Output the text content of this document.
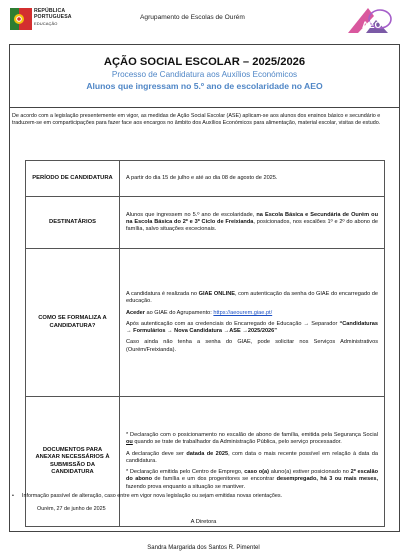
REPÚBLICA
PORTUGUESA
EDUCAÇÃO
Agrupamento de Escolas de Ourém
AEO
AÇÃO SOCIAL ESCOLAR – 2025/2026
Processo de Candidatura aos Auxílios Económicos
Alunos que ingressam no 5.º ano de escolaridade no AEO
De acordo com a legislação presentemente em vigor, as medidas de Ação Social Escolar (ASE) aplicam-se aos alunos dos ensinos básico e secundário e traduzem-se em comparticipações para fazer face aos encargos no âmbito dos Auxílios Económicos para alimentação, material escolar, visitas de estudo.
PERÍODO DE CANDIDATURA	A partir do dia 15 de julho e até ao dia 08 de agosto de 2025.
DESTINATÁRIOS	Alunos que ingressem no 5.º ano de escolaridade, na Escola Básica e Secundária de Ourém ou na Escola Básica do 2º e 3º Ciclo de Freixianda, posicionados, nos escalões 1º e 2º do abono de família, salvo situações excecionais.
COMO SE FORMALIZA A CANDIDATURA?	A candidatura é realizada no GIAE ONLINE, com autenticação da senha do GIAE do encarregado de educação.

Aceder ao GIAE do Agrupamento: https://aeourem.giae.pt/

Após autenticação com as credenciais do Encarregado de Educação → Separador “Candidaturas → Formulários → Nova Candidatura →ASE →2025/2026”

Caso ainda não tenha a senha do GIAE, pode solicitar nos Serviços Administrativos (Ourém/Freixianda).

DOCUMENTOS PARA ANEXAR NECESSÁRIOS À SUBMISSÃO DA CANDIDATURA	* Declaração com o posicionamento no escalão de abono de família, emitida pela Segurança Social ou quando se trate de trabalhador da Administração Pública, pelo serviço processador.

A declaração deve ser datada de 2025, com data o mais recente possível em relação à data da candidatura.

* Declaração emitida pelo Centro de Emprego, caso o(a) aluno(a) estiver posicionado no 2º escalão do abono de família e um dos progenitores se encontrar desempregado, há 3 ou mais meses, fazendo prova enquanto a situação se mantiver.

• Informação passível de alteração, caso entre em vigor nova legislação ou sejam emitidas novas orientações.
Ourém, 27 de junho de 2025
A Diretora
Sandra Margarida dos Santos R. Pimentel
